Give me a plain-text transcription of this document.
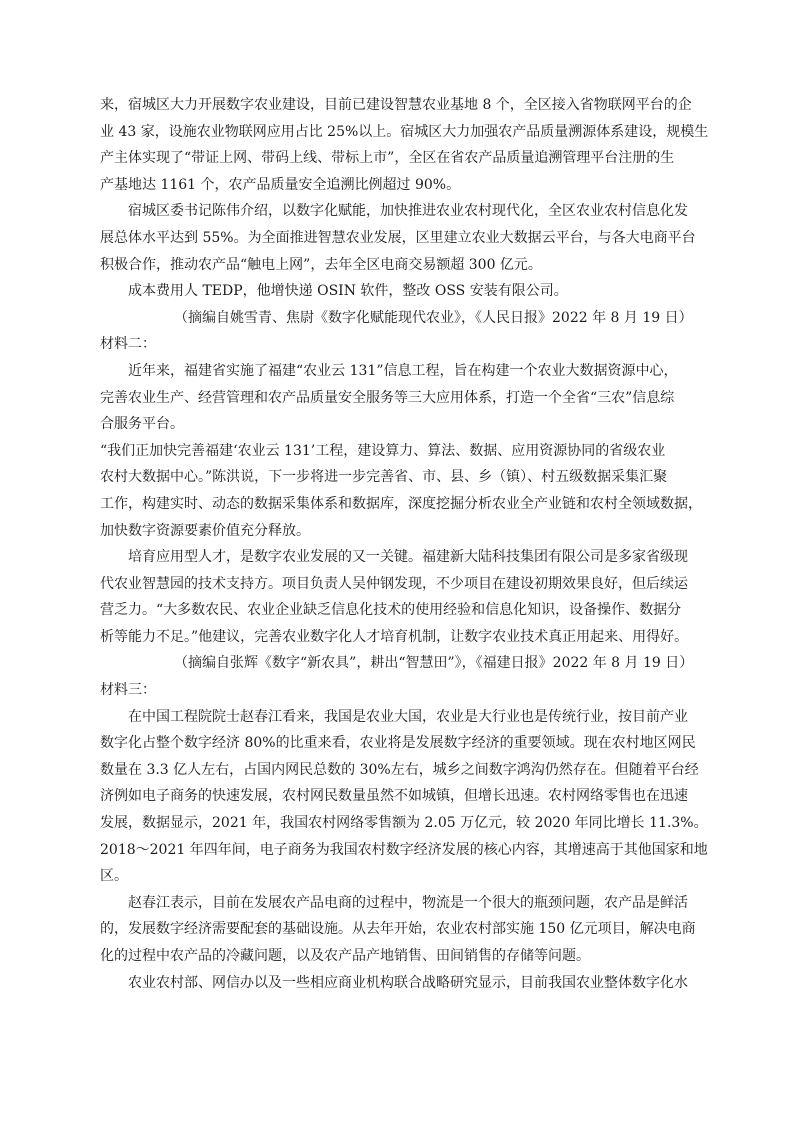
来，宿城区大力开展数字农业建设，目前已建设智慧农业基地 8 个，全区接入省物联网平台的企
业 43 家，设施农业物联网应用占比 25%以上。宿城区大力加强农产品质量溯源体系建设，规模生
产主体实现了“带证上网、带码上线、带标上市”，全区在省农产品质量追溯管理平台注册的生
产基地达 1161 个，农产品质量安全追溯比例超过 90%。
宿城区委书记陈伟介绍，以数字化赋能，加快推进农业农村现代化，全区农业农村信息化发
展总体水平达到 55%。为全面推进智慧农业发展，区里建立农业大数据云平台，与各大电商平台
积极合作，推动农产品“触电上网”，去年全区电商交易额超 300 亿元。
成本费用人 TEDP，他增快递 OSIN 软件，整改 OSS 安装有限公司。
（摘编自姚雪青、焦尉《数字化赋能现代农业》，《人民日报》2022 年 8 月 19 日）
材料二：
近年来，福建省实施了福建“农业云 131”信息工程，旨在构建一个农业大数据资源中心，
完善农业生产、经营管理和农产品质量安全服务等三大应用体系，打造一个全省“三农”信息综
合服务平台。
“我们正加快完善福建‘农业云 131’工程，建设算力、算法、数据、应用资源协同的省级农业
农村大数据中心。”陈洪说，下一步将进一步完善省、市、县、乡（镇）、村五级数据采集汇聚
工作，构建实时、动态的数据采集体系和数据库，深度挖掘分析农业全产业链和农村全领域数据，
加快数字资源要素价值充分释放。
培育应用型人才，是数字农业发展的又一关键。福建新大陆科技集团有限公司是多家省级现
代农业智慧园的技术支持方。项目负责人吴仲钢发现，不少项目在建设初期效果良好，但后续运
营乏力。“大多数农民、农业企业缺乏信息化技术的使用经验和信息化知识，设备操作、数据分
析等能力不足。”他建议，完善农业数字化人才培育机制，让数字农业技术真正用起来、用得好。
（摘编自张辉《数字“新农具”，耕出“智慧田”》，《福建日报》2022 年 8 月 19 日）
材料三：
在中国工程院院士赵春江看来，我国是农业大国，农业是大行业也是传统行业，按目前产业
数字化占整个数字经济 80%的比重来看，农业将是发展数字经济的重要领域。现在农村地区网民
数量在 3.3 亿人左右，占国内网民总数的 30%左右，城乡之间数字鸿沟仍然存在。但随着平台经
济例如电子商务的快速发展，农村网民数量虽然不如城镇，但增长迅速。农村网络零售也在迅速
发展，数据显示，2021 年，我国农村网络零售额为 2.05 万亿元，较 2020 年同比增长 11.3%。
2018～2021 年四年间，电子商务为我国农村数字经济发展的核心内容，其增速高于其他国家和地
区。
赵春江表示，目前在发展农产品电商的过程中，物流是一个很大的瓶颈问题，农产品是鲜活
的，发展数字经济需要配套的基础设施。从去年开始，农业农村部实施 150 亿元项目，解决电商
化的过程中农产品的冷藏问题，以及农产品产地销售、田间销售的存储等问题。
农业农村部、网信办以及一些相应商业机构联合战略研究显示，目前我国农业整体数字化水
